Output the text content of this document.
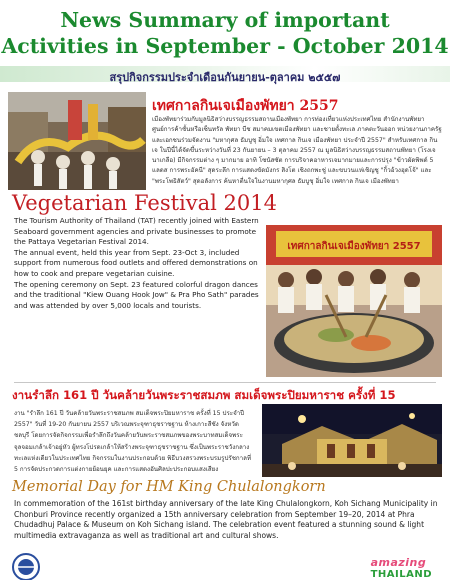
News Summary of important
Activities in September - October 2014
สรุปกิจกรรมประจำเดือนกันยายน-ตุลาคม ๒๕๕๗
เทศกาลกินเจเมืองพัทยา 2557
เมืองพัทยาร่วมกับมูลนิธิสว่างบรรญธรรมสถานเมืองพัทยา การท่องเที่ยวแห่งประเทศไทย สำนักงานพัทยา ศูนย์การค้าชั้นหรือเซ็นทรัล พัทยา บีช สมาคมเขตเมืองพัทยา และชายตั้งทะเล ภาคตะวันออก หน่วยงานภาครัฐและเอกชนร่วมจัดงาน "มหากุศล ธัมบูชุ อิ่มใจ เทศกาล กินเจ เมืองพัทยา ประจำปี 2557" สำหรับเทศกาล กินเจ ในปีนี้ได้จัดขึ้นระหว่างวันที่ 23 กันยายน – 3 ตุลาคม 2557 ณ มูลนิธิสว่างบรรญธรรมสถานพัทยา (โรงเจนาเกลือ) มีกิจกรรมต่าง ๆ มากมาย อาทิ โซนัสซัต การบริจาคอาหารเจมากมายและการปรุง "ข้าวผัดพิพด์ 5 แลดส การพระอัคนี" สุดระลึก การแสดงขัดมังกร สิงโต เชิงถกพะชู่ และขบวนแห่เชิญชู "กิ้วอ้วงฮุดโจ้" และ "พระโพธิสัตว์" สุดอลังการ ค้นหาตื่นใจในงานมหากุศล ธัมบูชุ อิ่มใจ เทศกาล กินเจ เมืองพัทยา
Vegetarian Festival 2014
The Tourism Authority of Thailand (TAT) recently joined with Eastern Seaboard government agencies and private businesses to promote the Pattaya Vegetarian Festival 2014.
The annual event, held this year from Sept. 23-Oct 3, included support from numerous food outlets and offered demonstrations on how to cook and prepare vegetarian cuisine.
The opening ceremony on Sept. 23 featured colorful dragon dances and the traditional "Kiew Ouang Hook Jow" & Pra Pho Sath" parades and was attended by over 5,000 locals and tourists.
เทศกาลกินเจเมืองพัทยา 2557
งานรำลึก 161 ปี วันคล้ายวันพระราชสมภพ สมเด็จพระปิยมหาราช ครั้งที่ 15
งาน "รำลึก 161 ปี วันคล้ายวันพระราชสมภพ สมเด็จพระปิยมหาราช ครั้งที่ 15 ประจำปี 2557" วันที่ 19-20 กันยายน 2557 บริเวณพระจุฑาธุชราชฐาน ห้างเกาะสีชัง จังหวัดชลบุรี โดยการจัดกิจกรรมเพื่อรำลึกถึงวันคล้ายวันพระราชสมภพของพระบาทสมเด็จพระจุลจอมเกล้าเจ้าอยู่หัว ผู้ทรงโปรดเกล้าให้สร้างพระจุฑาธุชราชฐาน ซึ่งเป็นพระราชวังกลางทะเลแห่งเดียวในประเทศไทย กิจกรรมในงานประกอบด้วย พิธีบวงสรวงพระบรมรูปรัชกาลที่ 5 การจัดประกวดการแต่งกายย้อนยุค และการแสดงอันศิลปะประกอบแสงเสียง
Memorial Day for HM King Chulalongkorn
In commemoration of the 161st birthday anniversary of the late King Chulalongkorn, Koh Sichang Municipality in Chonburi Province recently organized a 15th anniversary celebration from September 19–20, 2014 at Phra Chudadhuj Palace & Museum on Koh Sichang island. The celebration event featured a stunning sound & light multimedia extravaganza as well as traditional art and cultural shows.
amazing
THAILAND
